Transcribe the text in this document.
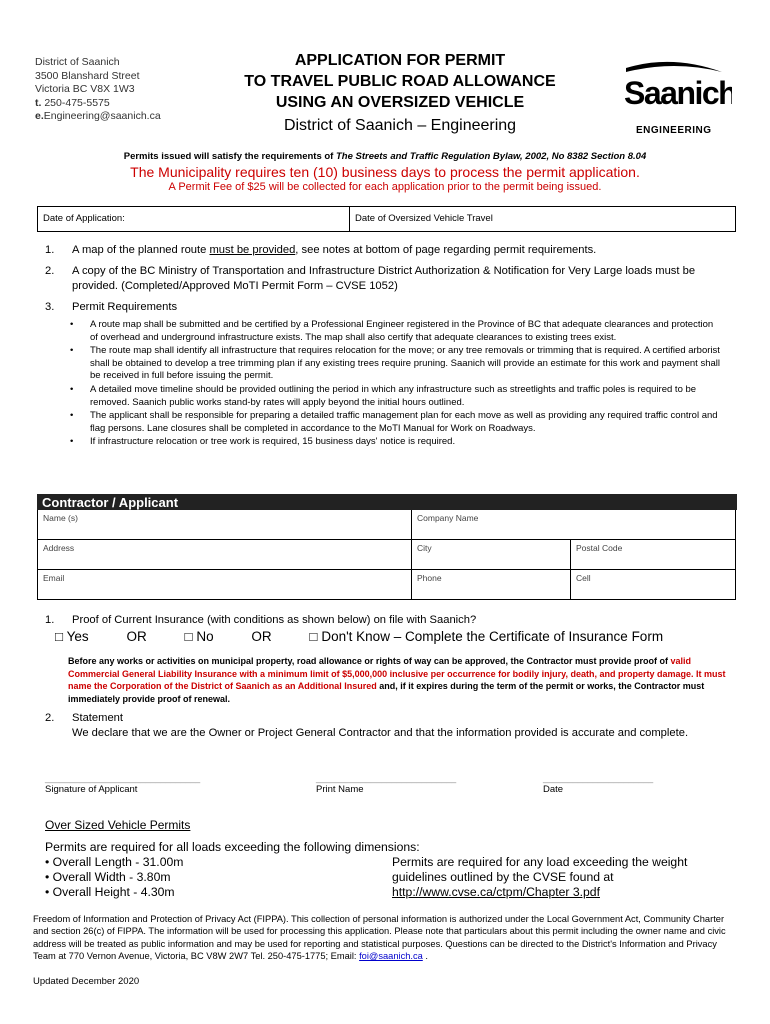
District of Saanich
3500 Blanshard Street
Victoria BC V8X 1W3
t. 250-475-5575
e.Engineering@saanich.ca
APPLICATION FOR PERMIT
TO TRAVEL PUBLIC ROAD ALLOWANCE
USING AN OVERSIZED VEHICLE
District of Saanich – Engineering
Saanich
ENGINEERING
Permits issued will satisfy the requirements of The Streets and Traffic Regulation Bylaw, 2002, No 8382 Section 8.04
The Municipality requires ten (10) business days to process the permit application.
A Permit Fee of $25 will be collected for each application prior to the permit being issued.
Date of Application:	Date of Oversized Vehicle Travel
1.	A map of the planned route must be provided, see notes at bottom of page regarding permit requirements.
2.	A copy of the BC Ministry of Transportation and Infrastructure District Authorization & Notification for Very Large loads must be provided. (Completed/Approved MoTI Permit Form – CVSE 1052)
3.	Permit Requirements
•	A route map shall be submitted and be certified by a Professional Engineer registered in the Province of BC that adequate clearances and protection of overhead and underground infrastructure exists. The map shall also certify that adequate clearances to existing trees exist.
•	The route map shall identify all infrastructure that requires relocation for the move; or any tree removals or trimming that is required. A certified arborist shall be obtained to develop a tree trimming plan if any existing trees require pruning. Saanich will provide an estimate for this work and payment shall be received in full before issuing the permit.
•	A detailed move timeline should be provided outlining the period in which any infrastructure such as streetlights and traffic poles is required to be removed. Saanich public works stand-by rates will apply beyond the initial hours outlined.
•	The applicant shall be responsible for preparing a detailed traffic management plan for each move as well as providing any required traffic control and flag persons. Lane closures shall be completed in accordance to the MoTI Manual for Work on Roadways.
•	If infrastructure relocation or tree work is required, 15 business days' notice is required.
Contractor / Applicant
Name (s)	Company Name
Address	City	Postal Code
Email	Phone	Cell
1.	Proof of Current Insurance (with conditions as shown below) on file with Saanich?
□ Yes	OR	□ No	OR	□ Don't Know – Complete the Certificate of Insurance Form
Before any works or activities on municipal property, road allowance or rights of way can be approved, the Contractor must provide proof of valid Commercial General Liability Insurance with a minimum limit of $5,000,000 inclusive per occurrence for bodily injury, death, and property damage. It must name the Corporation of the District of Saanich as an Additional Insured and, if it expires during the term of the permit or works, the Contractor must immediately provide proof of renewal.
2.	Statement
We declare that we are the Owner or Project General Contractor and that the information provided is accurate and complete.
_______________________________	____________________________	______________________
Signature of Applicant	Print Name	Date
Over Sized Vehicle Permits
Permits are required for all loads exceeding the following dimensions:
• Overall Length - 31.00m
• Overall Width - 3.80m
• Overall Height - 4.30m
Permits are required for any load exceeding the weight
guidelines outlined by the CVSE found at
http://www.cvse.ca/ctpm/Chapter 3.pdf
Freedom of Information and Protection of Privacy Act (FIPPA). This collection of personal information is authorized under the Local Government Act, Community Charter and section 26(c) of FIPPA. The information will be used for processing this application. Please note that particulars about this permit including the owner name and civic address will be treated as public information and may be used for reporting and statistical purposes. Questions can be directed to the District's Information and Privacy Team at 770 Vernon Avenue, Victoria, BC V8W 2W7 Tel. 250-475-1775; Email: foi@saanich.ca .
Updated December 2020
